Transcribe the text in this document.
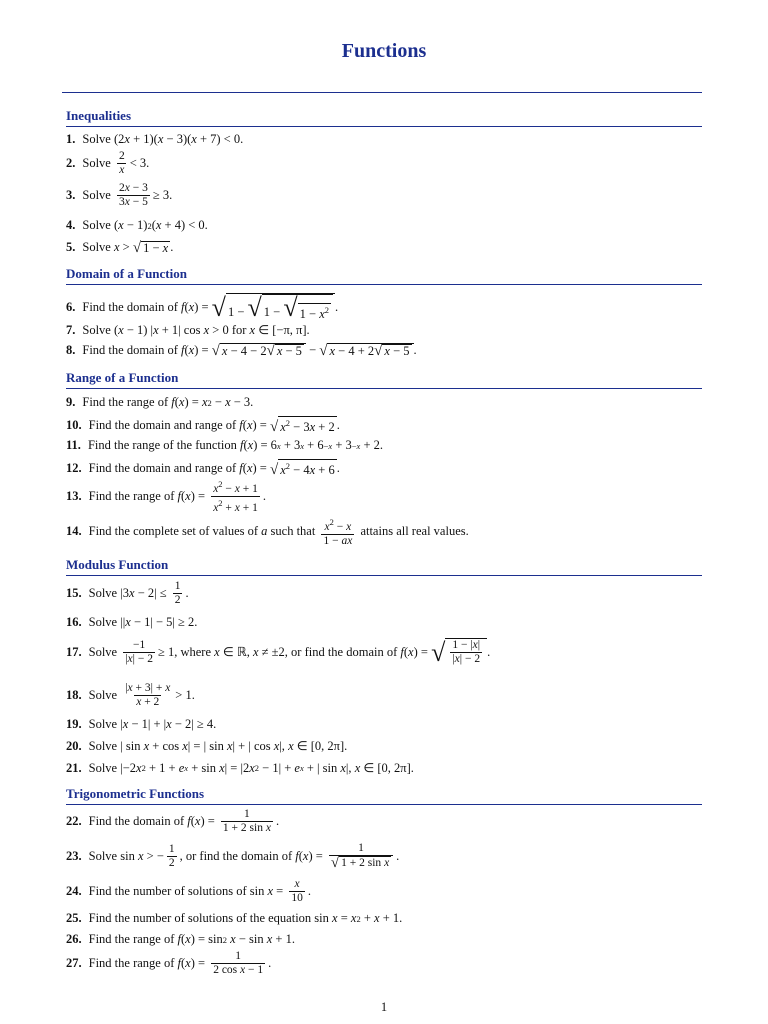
Functions
Inequalities
1. Solve (2 x + 1)( x − 3)( x + 7) < 0.
2. Solve
$\frac{2}{x} < 3$.
3. Solve
$\frac{2x - 3}{3x - 5} \ge 3$.
4. Solve ( x − 1) 2 ( x + 4) < 0.
5. Solve
x > √ 1 − x .
Domain of a Function
6. Find the domain of
f ( x ) = √ 1 − √ 1 − √ $1 - x^2$ .
7. Solve ( x − 1) | x + 1| cos x > 0 for
x ∈ [−π, π].
8. Find the domain of
f ( x ) = √ x − 4 − 2 √ x − 5 − √ x − 4 + 2 √ x − 5 .
Range of a Function
9. Find the range of
f ( x ) = x 2 − x − 3.
10. Find the domain and range of
f ( x ) = √ $x^2 - 3x + 2$ .
11. Find the range of the function
f ( x ) = 6 x + 3 x + 6 −x + 3 −x + 2.
12. Find the domain and range of
f ( x ) = √ $x^2 - 4x + 6$ .
13. Find the range of
f ( x ) = $\frac{x^2 - x + 1}{x^2 + x + 1}$ .
14. Find the complete set of values of
a
such that
$\frac{x^2 - x}{1 - ax}$
attains all real values.
Modulus Function
15. Solve |3 $x - 2| \le \frac{1}{2}$ .
16. Solve || x − 1| − 5| ≥ 2.
17. Solve
$\frac{-1}{|x| - 2} \ge 1$ , where
x ∈ ℝ, x ≠ ±2 , or find the domain of
f ( x ) = √ $\frac{1 - |x|}{|x| - 2}$ .
18. Solve
$\frac{|x + 3| + x}{x + 2} > 1$.
19. Solve | x − 1| + | x − 2| ≥ 4.
20. Solve | sin x + cos x | = | sin x | + | cos x |, x ∈ [0, 2π].
21. Solve |−2 x 2 + 1 + e x + sin x | = |2 x 2 − 1| + e x + | sin x |, x ∈ [0, 2π].
Trigonometric Functions
22. Find the domain of
f ( x ) = $\frac{1}{\text{1 + 2 sin x}}$ .
23. Solve sin x > − $\frac{1}{2}$ , or find the domain of
f ( x ) = $\frac{1}{\text{√ 1 + 2 sin x}}$ .
24. Find the number of solutions of $\sin x = \frac{x}{10}$ .
25. Find the number of solutions of the equation sin x = x 2 + x + 1.
26. Find the range of
f ( x ) = sin 2
x − sin x + 1.
27. Find the range of
f ( x ) = $\frac{1}{\text{2 cos x − 1}}$ .
1
